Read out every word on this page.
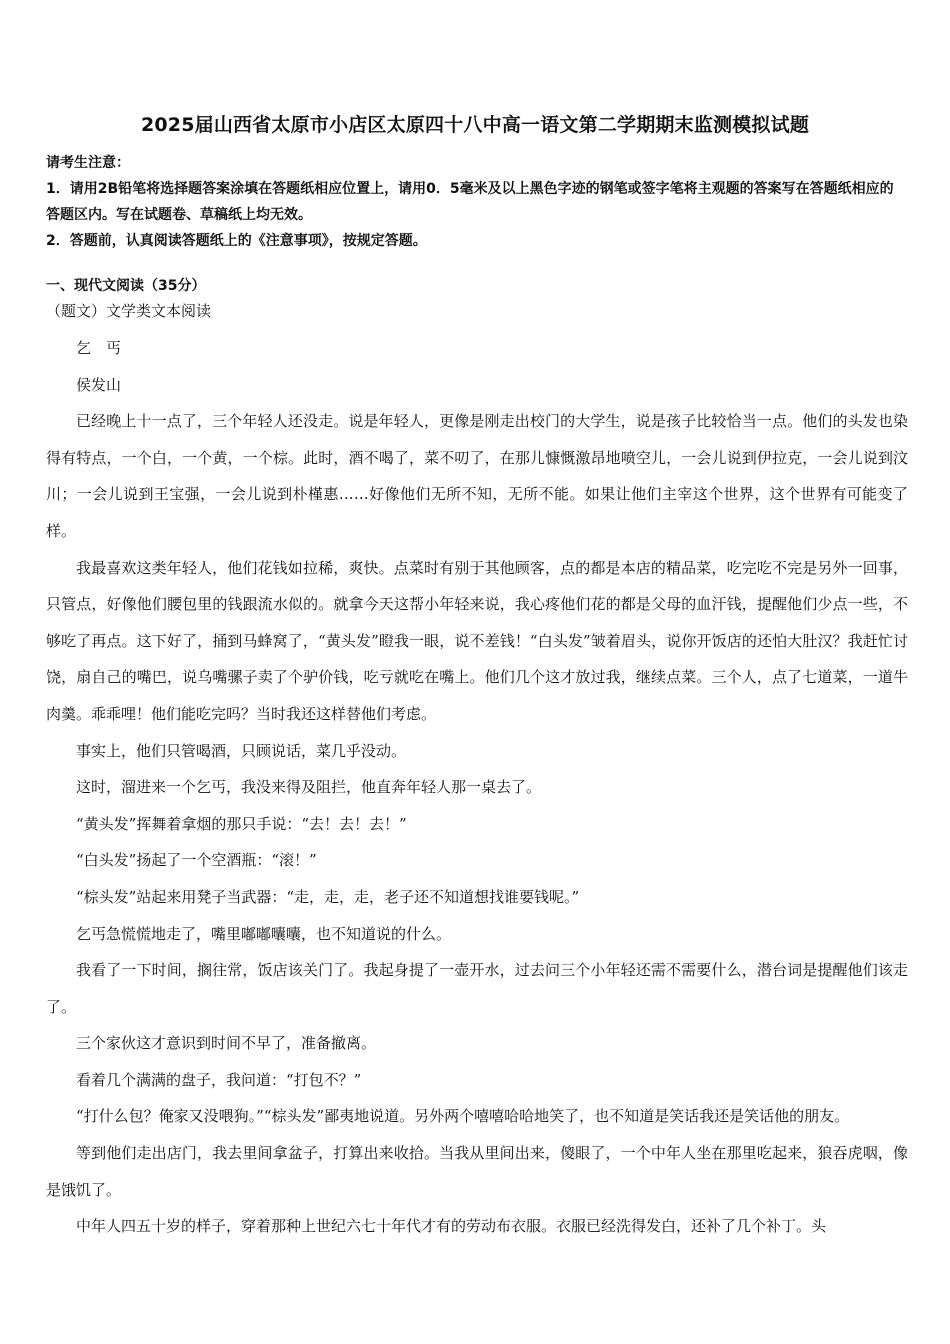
2025届山西省太原市小店区太原四十八中高一语文第二学期期末监测模拟试题

请考生注意：

1．请用2B铅笔将选择题答案涂填在答题纸相应位置上，请用0．5毫米及以上黑色字迹的钢笔或签字笔将主观题的答案写在答题纸相应的答题区内。写在试题卷、草稿纸上均无效。

2．答题前，认真阅读答题纸上的《注意事项》，按规定答题。

一、现代文阅读（35分）
（题文）文学类文本阅读

乞　丐

侯发山

已经晚上十一点了，三个年轻人还没走。说是年轻人，更像是刚走出校门的大学生，说是孩子比较恰当一点。他们的头发也染得有特点，一个白，一个黄，一个棕。此时，酒不喝了，菜不叨了，在那儿慷慨激昂地喷空儿，一会儿说到伊拉克，一会儿说到汶川；一会儿说到王宝强，一会儿说到朴槿惠……好像他们无所不知，无所不能。如果让他们主宰这个世界，这个世界有可能变了样。

我最喜欢这类年轻人，他们花钱如拉稀，爽快。点菜时有别于其他顾客，点的都是本店的精品菜，吃完吃不完是另外一回事，只管点，好像他们腰包里的钱跟流水似的。就拿今天这帮小年轻来说，我心疼他们花的都是父母的血汗钱，提醒他们少点一些，不够吃了再点。这下好了，捅到马蜂窝了，“黄头发”瞪我一眼，说不差钱！“白头发”皱着眉头，说你开饭店的还怕大肚汉？我赶忙讨饶，扇自己的嘴巴，说乌嘴骡子卖了个驴价钱，吃亏就吃在嘴上。他们几个这才放过我，继续点菜。三个人，点了七道菜，一道牛肉羹。乖乖哩！他们能吃完吗？当时我还这样替他们考虑。

事实上，他们只管喝酒，只顾说话，菜几乎没动。

这时，溜进来一个乞丐，我没来得及阻拦，他直奔年轻人那一桌去了。

“黄头发”挥舞着拿烟的那只手说：“去！去！去！”

“白头发”扬起了一个空酒瓶：“滚！”

“棕头发”站起来用凳子当武器：“走，走，走，老子还不知道想找谁要钱呢。”

乞丐急慌慌地走了，嘴里嘟嘟囔囔，也不知道说的什么。

我看了一下时间，搁往常，饭店该关门了。我起身提了一壶开水，过去问三个小年轻还需不需要什么，潜台词是提醒他们该走了。

三个家伙这才意识到时间不早了，准备撤离。

看着几个满满的盘子，我问道：“打包不？”

“打什么包？俺家又没喂狗。”“棕头发”鄙夷地说道。另外两个嘻嘻哈哈地笑了，也不知道是笑话我还是笑话他的朋友。

等到他们走出店门，我去里间拿盆子，打算出来收拾。当我从里间出来，傻眼了，一个中年人坐在那里吃起来，狼吞虎咽，像是饿饥了。

中年人四五十岁的样子，穿着那种上世纪六七十年代才有的劳动布衣服。衣服已经洗得发白，还补了几个补丁。头
